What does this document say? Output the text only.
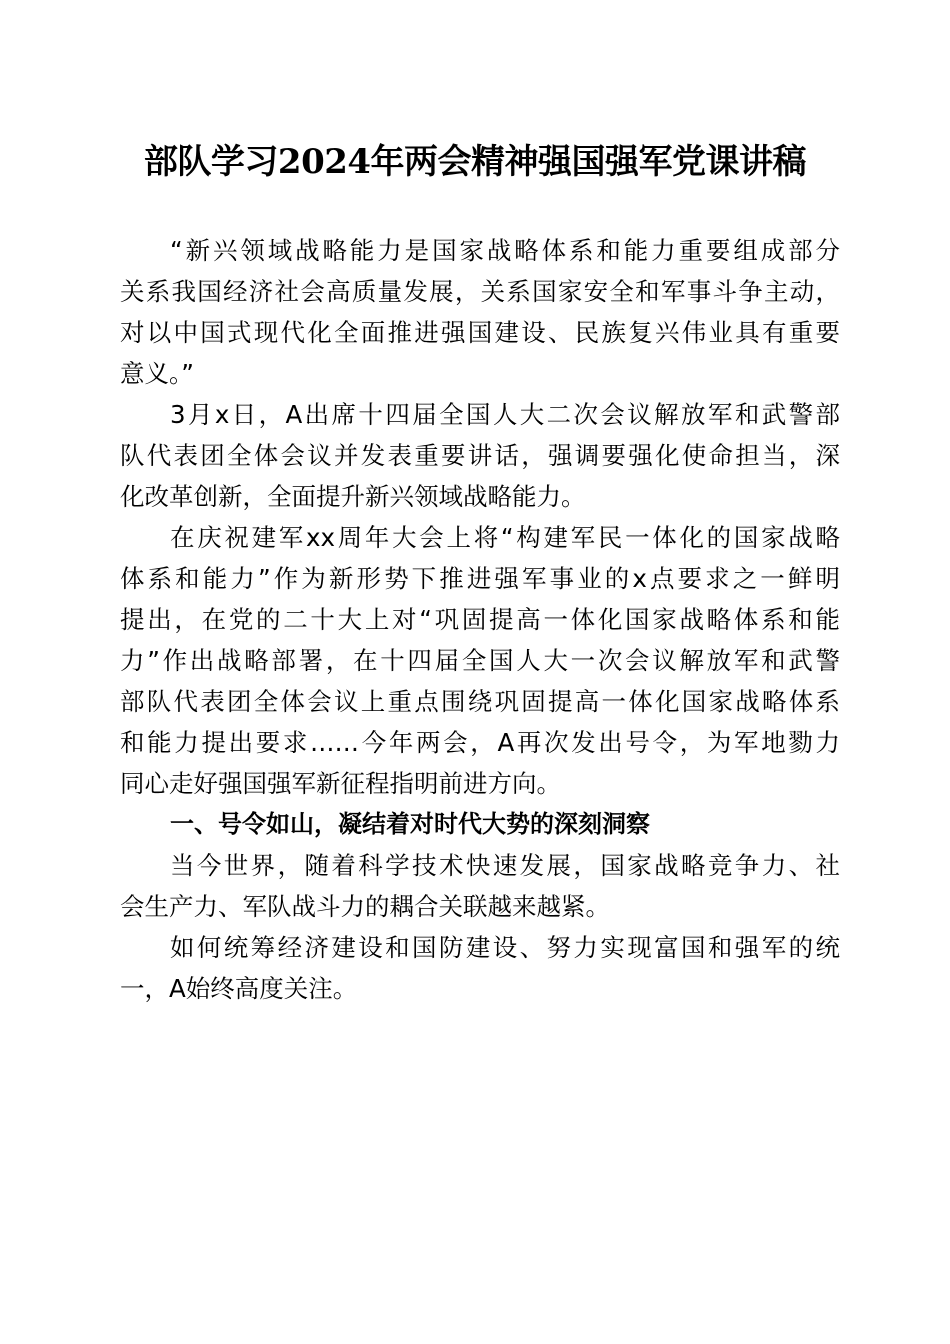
部队学习2024年两会精神强国强军党课讲稿
“新兴领域战略能力是国家战略体系和能力重要组成部分
关系我国经济社会高质量发展，关系国家安全和军事斗争主动，
对以中国式现代化全面推进强国建设、民族复兴伟业具有重要
意义。”
3月x日，A出席十四届全国人大二次会议解放军和武警部
队代表团全体会议并发表重要讲话，强调要强化使命担当，深
化改革创新，全面提升新兴领域战略能力。
在庆祝建军xx周年大会上将“构建军民一体化的国家战略
体系和能力”作为新形势下推进强军事业的x点要求之一鲜明
提出，在党的二十大上对“巩固提高一体化国家战略体系和能
力”作出战略部署，在十四届全国人大一次会议解放军和武警
部队代表团全体会议上重点围绕巩固提高一体化国家战略体系
和能力提出要求……今年两会，A再次发出号令，为军地勠力
同心走好强国强军新征程指明前进方向。
一、号令如山，凝结着对时代大势的深刻洞察
当今世界，随着科学技术快速发展，国家战略竞争力、社
会生产力、军队战斗力的耦合关联越来越紧。
如何统筹经济建设和国防建设、努力实现富国和强军的统
一，A始终高度关注。
